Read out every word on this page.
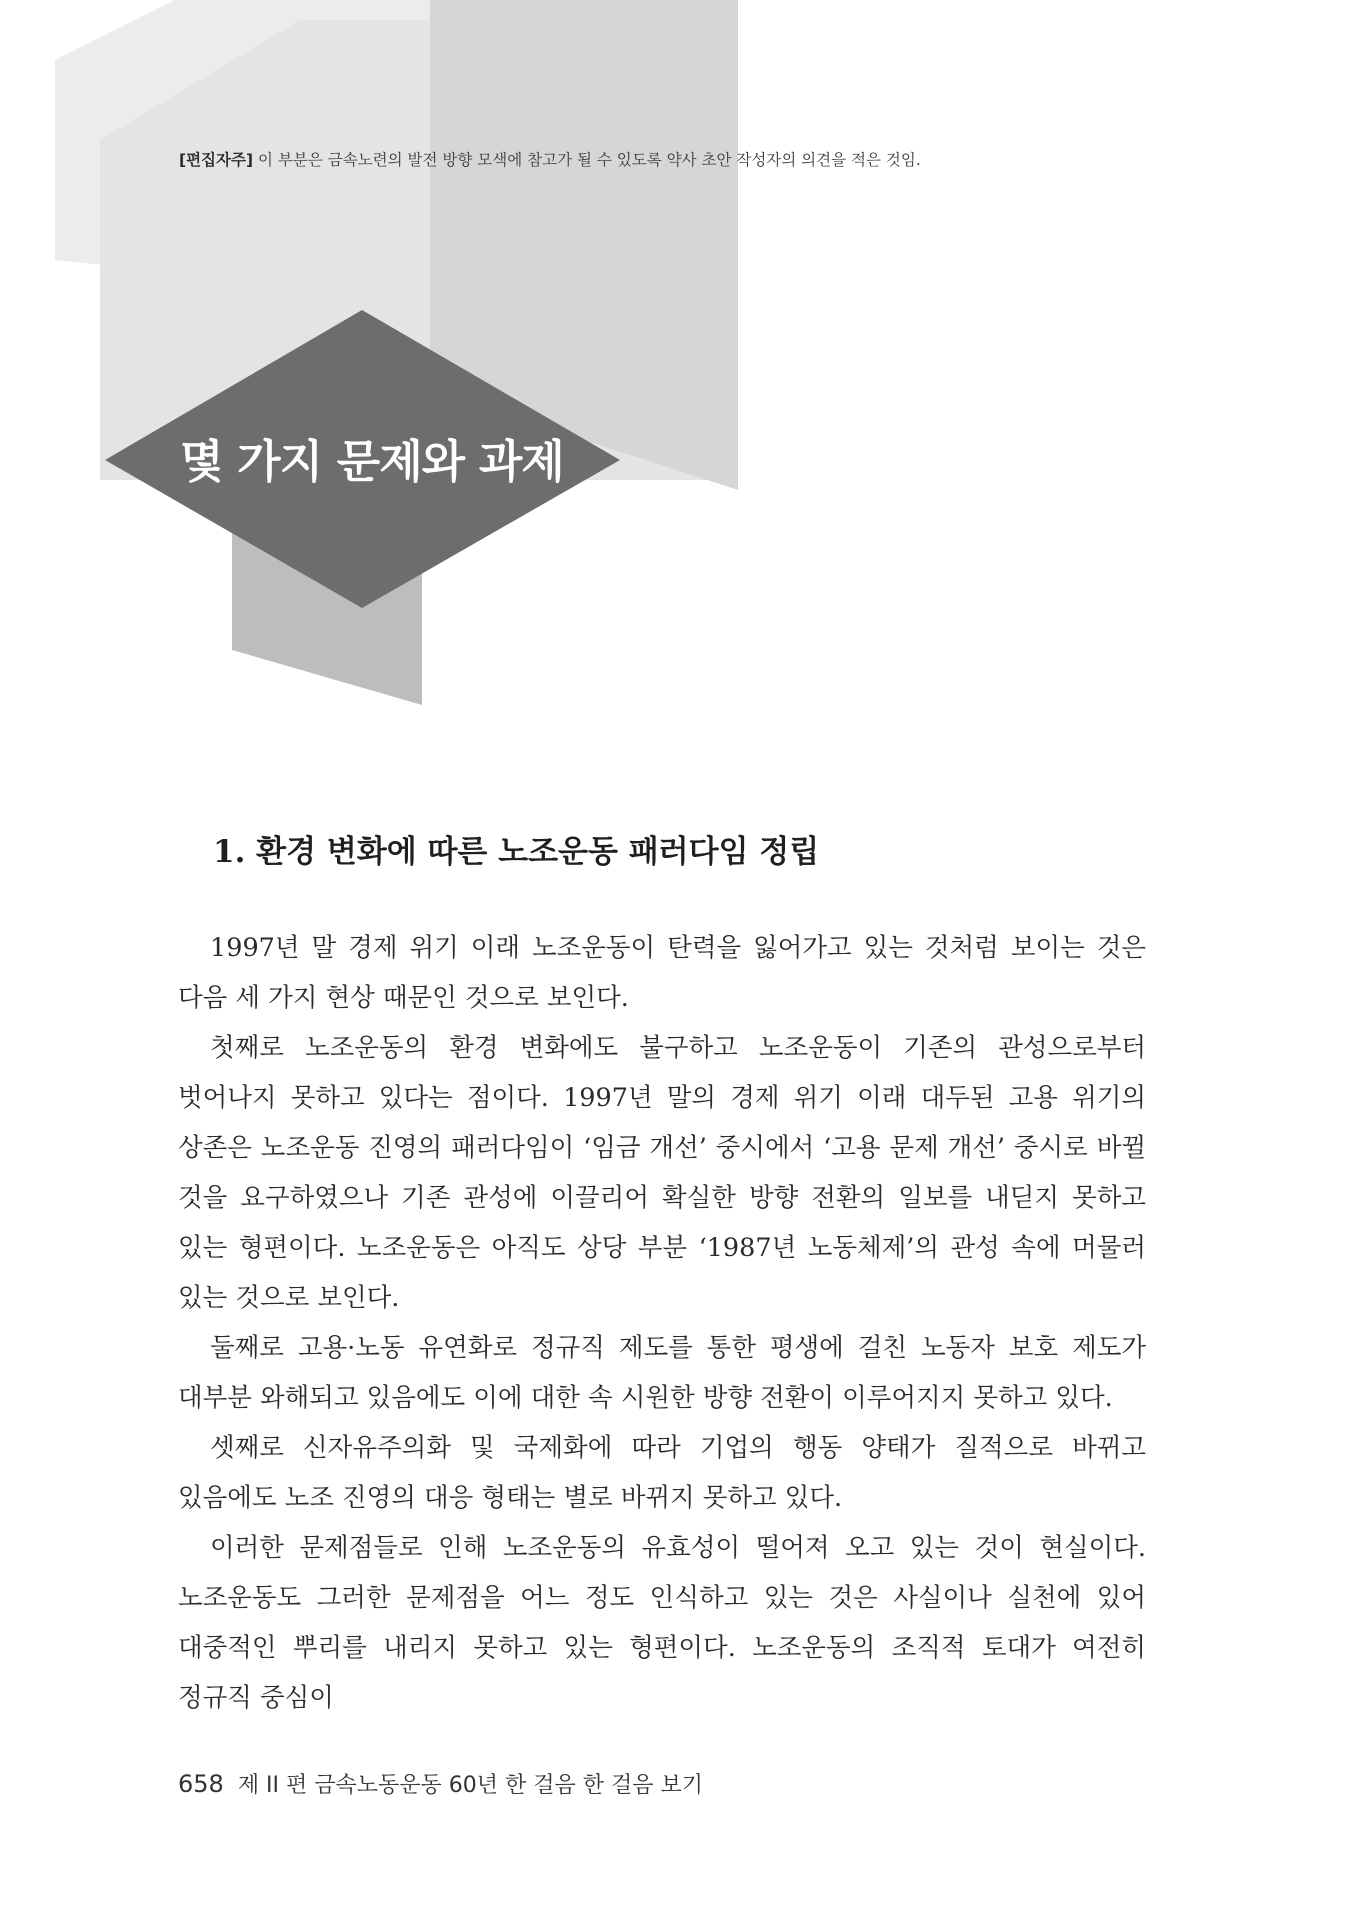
[편집자주] 이 부분은 금속노련의 발전 방향 모색에 참고가 될 수 있도록 약사 초안 작성자의 의견을 적은 것임.
몇 가지 문제와 과제
1. 환경 변화에 따른 노조운동 패러다임 정립

1997년 말 경제 위기 이래 노조운동이 탄력을 잃어가고 있는 것처럼 보이는 것은 다음 세 가지 현상 때문인 것으로 보인다.

첫째로 노조운동의 환경 변화에도 불구하고 노조운동이 기존의 관성으로부터 벗어나지 못하고 있다는 점이다. 1997년 말의 경제 위기 이래 대두된 고용 위기의 상존은 노조운동 진영의 패러다임이 ‘임금 개선’ 중시에서 ‘고용 문제 개선’ 중시로 바뀔 것을 요구하였으나 기존 관성에 이끌리어 확실한 방향 전환의 일보를 내딛지 못하고 있는 형편이다. 노조운동은 아직도 상당 부분 ‘1987년 노동체제’의 관성 속에 머물러 있는 것으로 보인다.

둘째로 고용·노동 유연화로 정규직 제도를 통한 평생에 걸친 노동자 보호 제도가 대부분 와해되고 있음에도 이에 대한 속 시원한 방향 전환이 이루어지지 못하고 있다.

셋째로 신자유주의화 및 국제화에 따라 기업의 행동 양태가 질적으로 바뀌고 있음에도 노조 진영의 대응 형태는 별로 바뀌지 못하고 있다.

이러한 문제점들로 인해 노조운동의 유효성이 떨어져 오고 있는 것이 현실이다. 노조운동도 그러한 문제점을 어느 정도 인식하고 있는 것은 사실이나 실천에 있어 대중적인 뿌리를 내리지 못하고 있는 형편이다. 노조운동의 조직적 토대가 여전히 정규직 중심이

658 제 II 편 금속노동운동 60년 한 걸음 한 걸음 보기
